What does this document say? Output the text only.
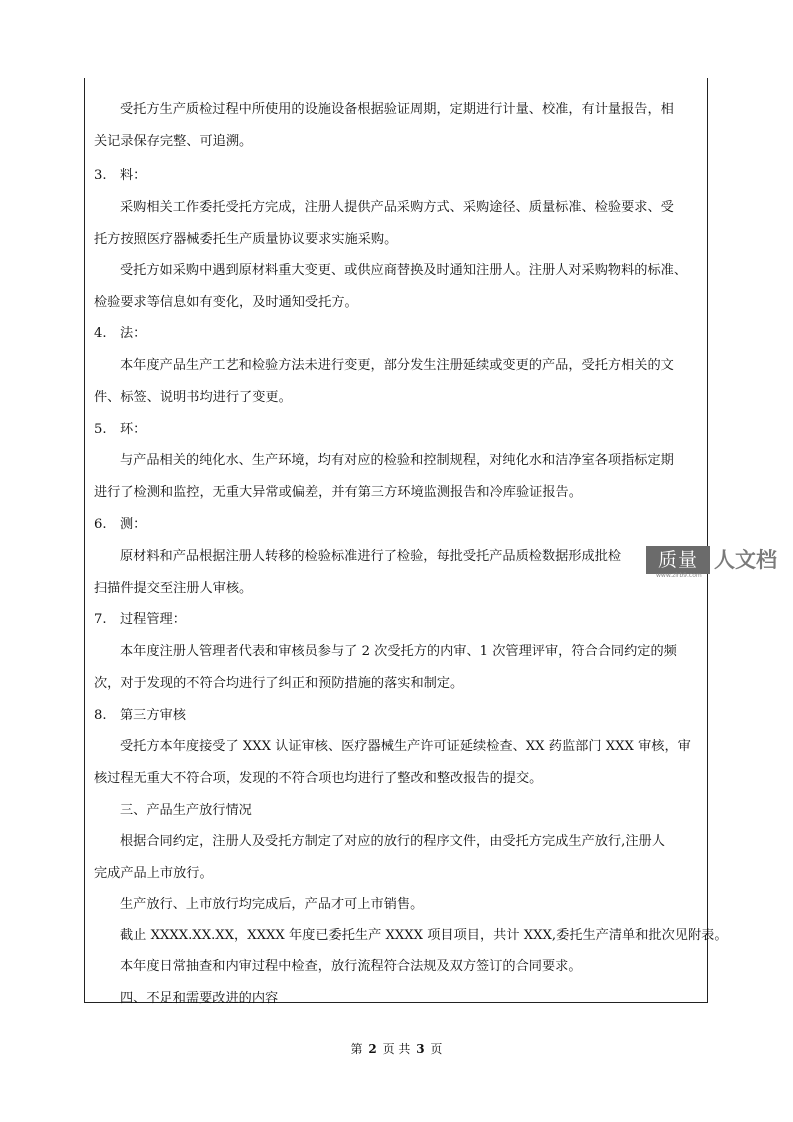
受托方生产质检过程中所使用的设施设备根据验证周期，定期进行计量、校准，有计量报告，相
关记录保存完整、可追溯。
3. 料：
采购相关工作委托受托方完成，注册人提供产品采购方式、采购途径、质量标准、检验要求、受
托方按照医疗器械委托生产质量协议要求实施采购。
受托方如采购中遇到原材料重大变更、或供应商替换及时通知注册人。注册人对采购物料的标准、
检验要求等信息如有变化，及时通知受托方。
4. 法：
本年度产品生产工艺和检验方法未进行变更，部分发生注册延续或变更的产品，受托方相关的文
件、标签、说明书均进行了变更。
5. 环：
与产品相关的纯化水、生产环境，均有对应的检验和控制规程，对纯化水和洁净室各项指标定期
进行了检测和监控，无重大异常或偏差，并有第三方环境监测报告和冷库验证报告。
6. 测：
原材料和产品根据注册人转移的检验标准进行了检验，每批受托产品质检数据形成批检
扫描件提交至注册人审核。
7. 过程管理：
本年度注册人管理者代表和审核员参与了 2 次受托方的内审、1 次管理评审，符合合同约定的频
次，对于发现的不符合均进行了纠正和预防措施的落实和制定。
8. 第三方审核
受托方本年度接受了 XXX 认证审核、医疗器械生产许可证延续检查、XX 药监部门 XXX 审核，审
核过程无重大不符合项，发现的不符合项也均进行了整改和整改报告的提交。
三、产品生产放行情况
根据合同约定，注册人及受托方制定了对应的放行的程序文件，由受托方完成生产放行,注册人
完成产品上市放行。
生产放行、上市放行均完成后，产品才可上市销售。
截止 XXXX.XX.XX，XXXX 年度已委托生产 XXXX 项目项目，共计 XXX,委托生产清单和批次见附表。
本年度日常抽查和内审过程中检查，放行流程符合法规及双方签订的合同要求。
四、不足和需要改进的内容
质量 人文档
www.zlrb9.com
第 2 页 共 3 页
